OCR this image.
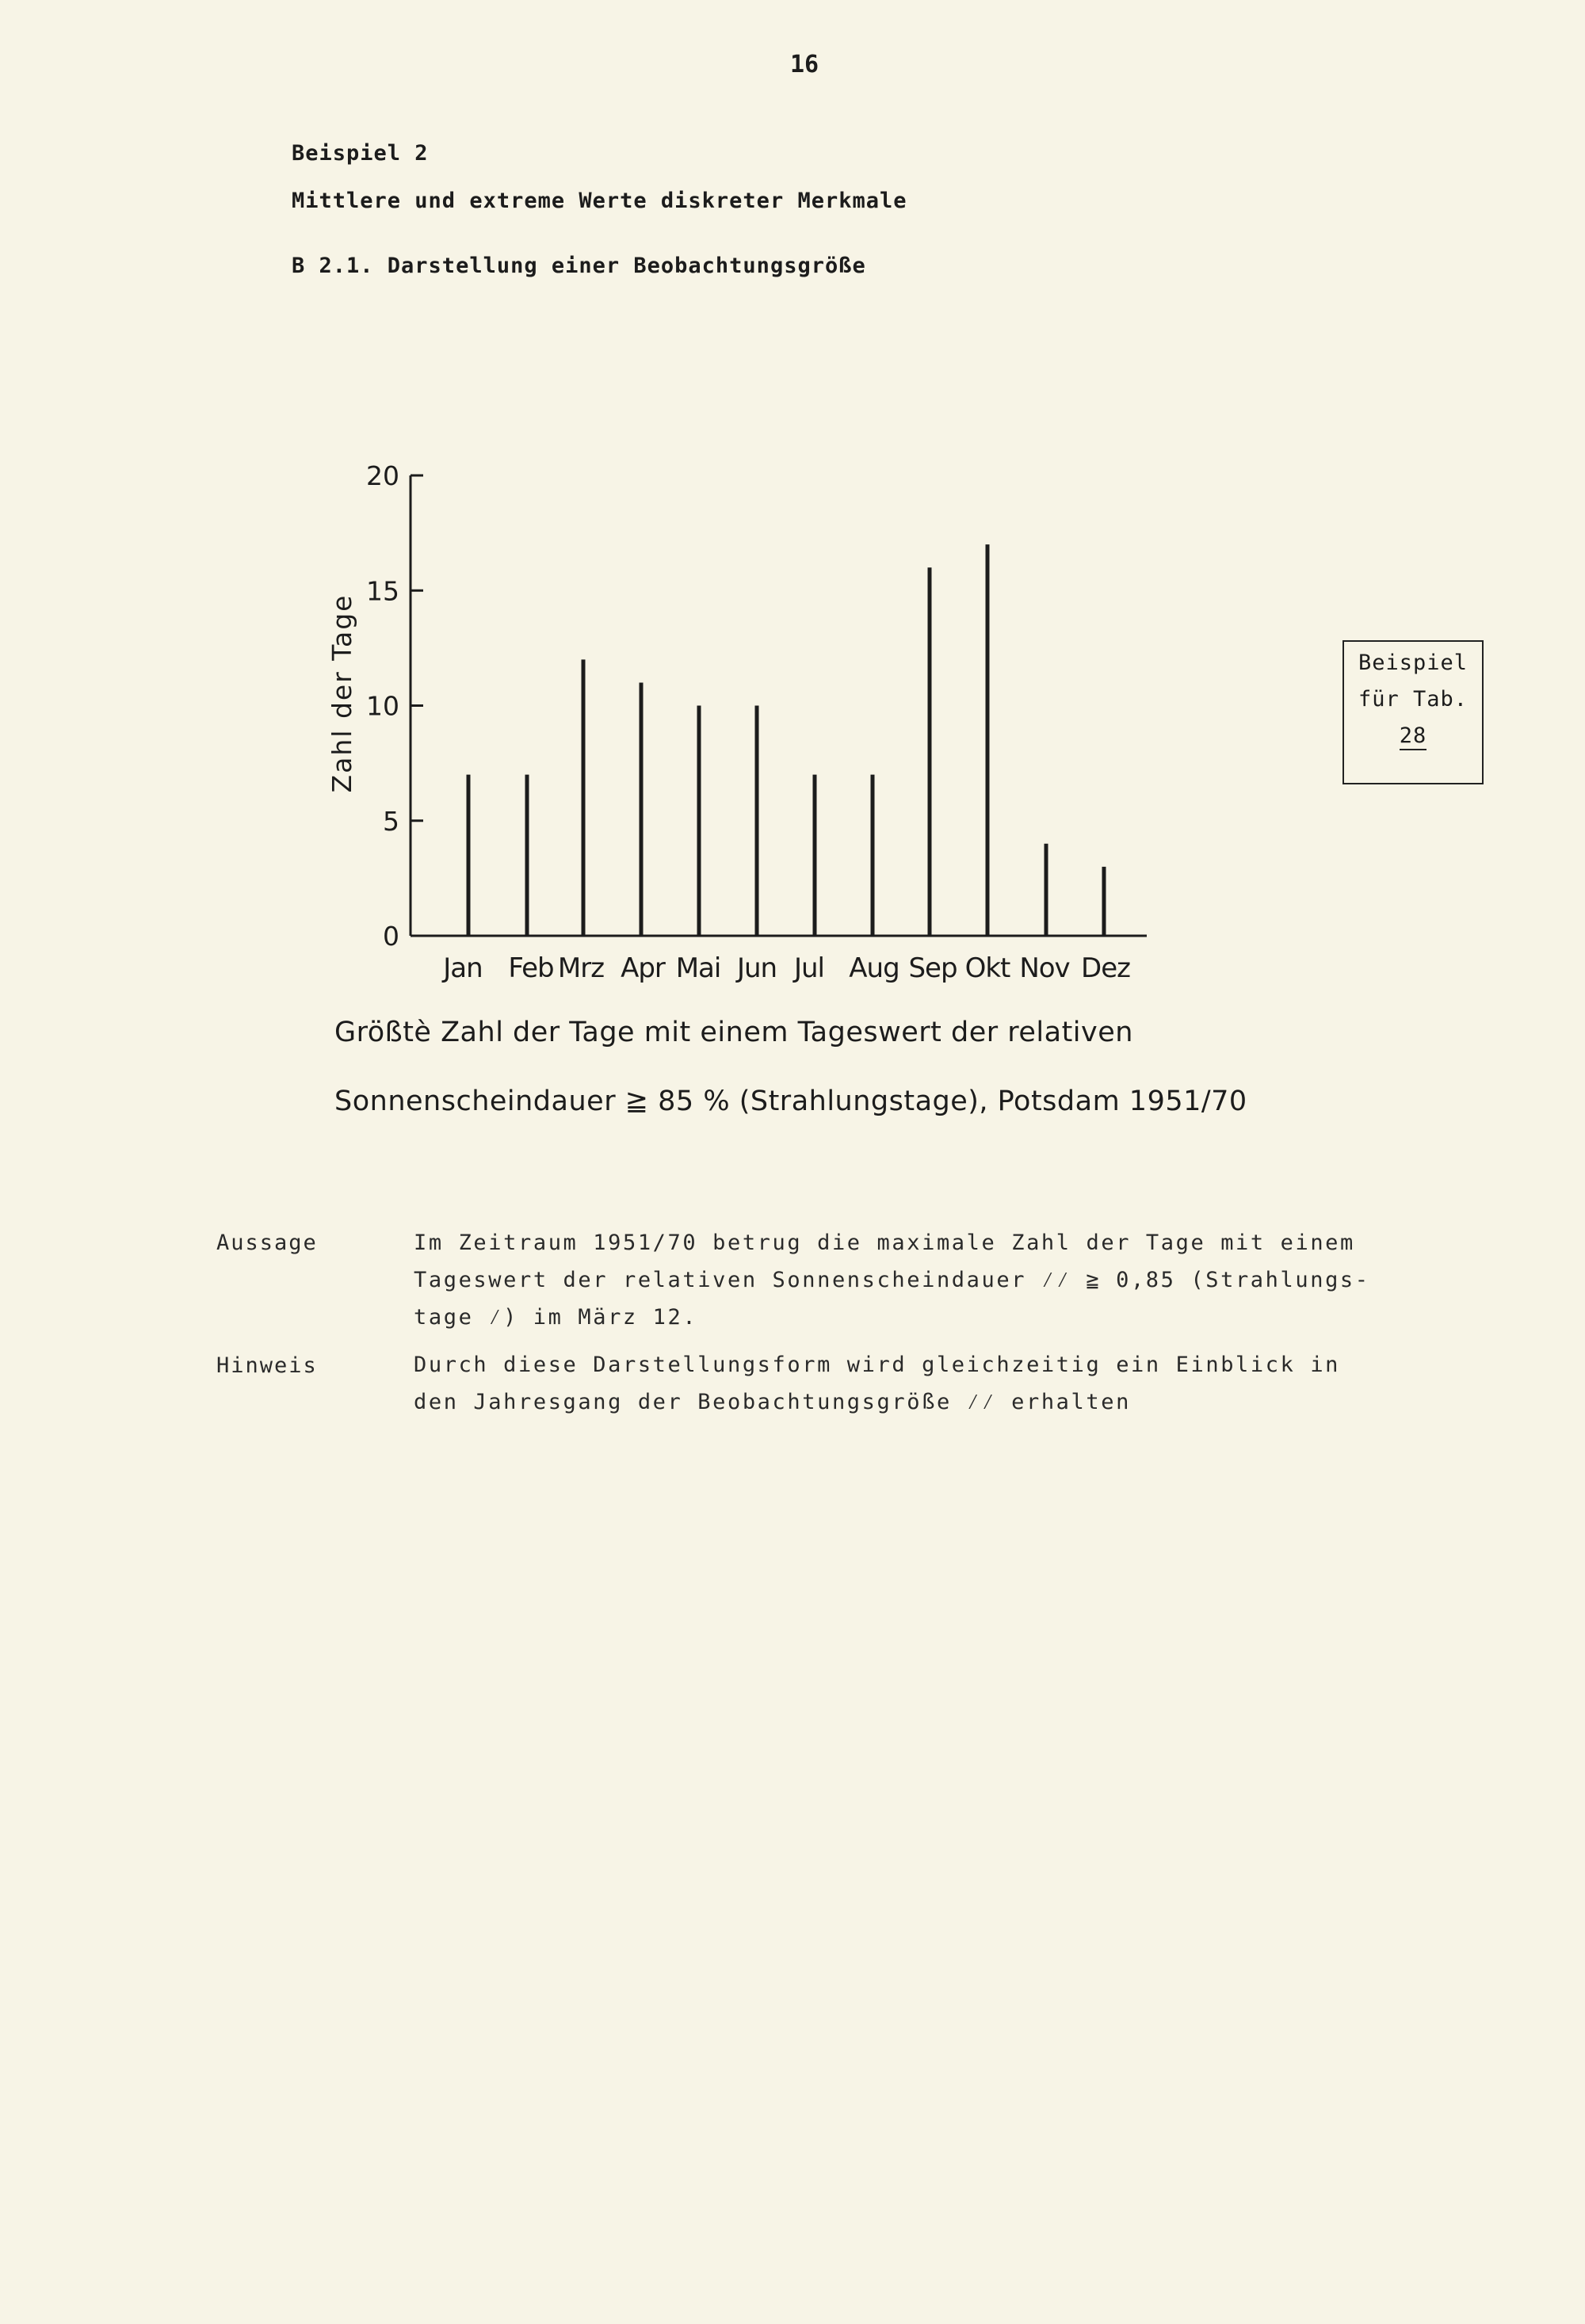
16
Beispiel 2
Mittlere und extreme Werte diskreter Merkmale
B 2.1. Darstellung einer Beobachtungsgröße
0
5
10
15
20
Jan Feb Mrz Apr Mai Jun Jul Aug Sep Okt Nov Dez
Zahl der Tage
Größtè Zahl der Tage mit einem Tageswert der relativen
Sonnenscheindauer ≧ 85 % (Strahlungstage), Potsdam 1951/70
Beispiel
für Tab.
28
Aussage	Im Zeitraum 1951/70 betrug die maximale Zahl der Tage mit einem
Tageswert der relativen Sonnenscheindauer ⁄⁄ ≧ 0,85 (Strahlungs-
tage ⁄) im März 12.
Hinweis	Durch diese Darstellungsform wird gleichzeitig ein Einblick in
den Jahresgang der Beobachtungsgröße ⁄⁄ erhalten
